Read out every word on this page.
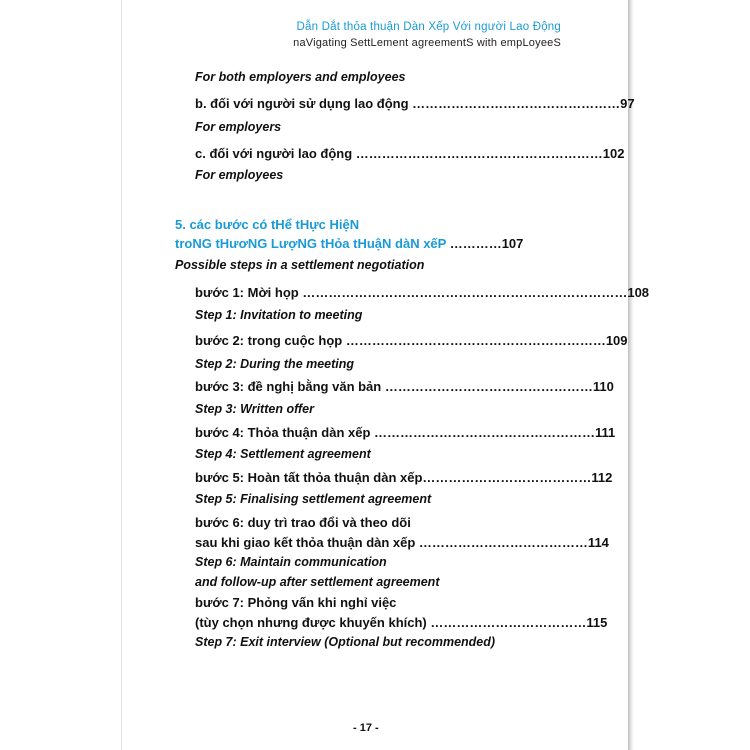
Dẫn Dắt thỏa thuận Dàn Xếp Với người Lao Động
naVigating SettLement agreementS with empLoyeeS
For both employers and employees
b. đối với người sử dụng lao động …………………………………………97
For employers
c. đối với người lao động …………………………………………………102
For employees
5. các bước có tHể tHực HiệN
troNG tHươNG LượNG tHỏa tHuậN dàN xếP …………107
Possible steps in a settlement negotiation
bước 1: Mời họp …………………………………………………………………108
Step 1: Invitation to meeting
bước 2: trong cuộc họp ……………………………………………………109
Step 2: During the meeting
bước 3: đề nghị bằng văn bản …………………………………………110
Step 3: Written offer
bước 4: Thỏa thuận dàn xếp ……………………………………………111
Step 4: Settlement agreement
bước 5: Hoàn tất thỏa thuận dàn xếp…………………………………112
Step 5: Finalising settlement agreement
bước 6: duy trì trao đổi và theo dõi
sau khi giao kết thỏa thuận dàn xếp …………………………………114
Step 6: Maintain communication
and follow-up after settlement agreement
bước 7: Phỏng vấn khi nghỉ việc
(tùy chọn nhưng được khuyến khích) ………………………………115
Step 7: Exit interview (Optional but recommended)
- 17 -
